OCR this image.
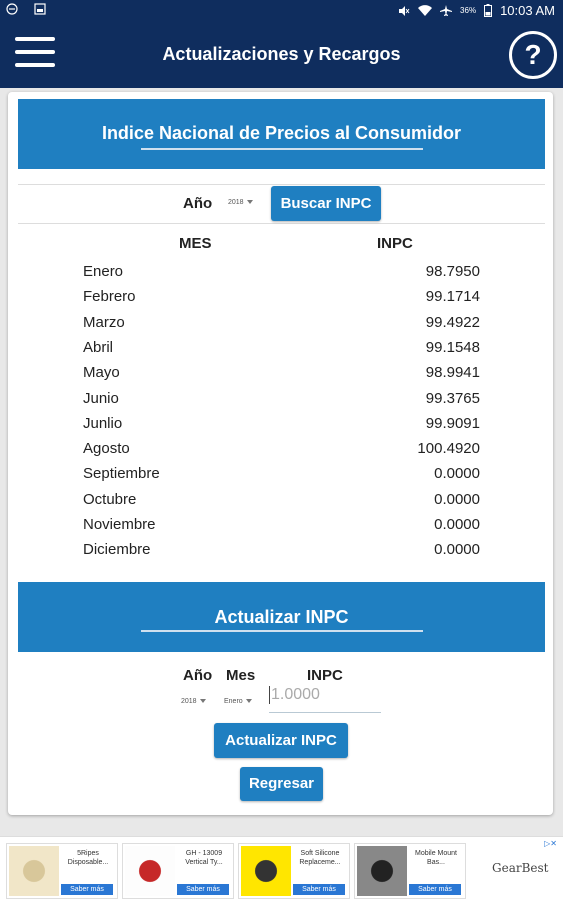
36% 10:03 AM
Actualizaciones y Recargos	?
Indice Nacional de Precios al Consumidor
Año 2018	Buscar INPC
MES	INPC
Enero	98.7950
Febrero	99.1714
Marzo	99.4922
Abril	99.1548
Mayo	98.9941
Junio	99.3765
Junlio	99.9091
Agosto	100.4920
Septiembre	0.0000
Octubre	0.0000
Noviembre	0.0000
Diciembre	0.0000
Actualizar INPC
Año Mes	INPC
2018	Enero	1.0000
Actualizar INPC
Regresar
▷✕
5Ripes Disposable...
Saber más
GH - 13009 Vertical Ty...
Saber más
Soft Silicone Replaceme...
Saber más
Mobile Mount Bas...
Saber más
GearBest
